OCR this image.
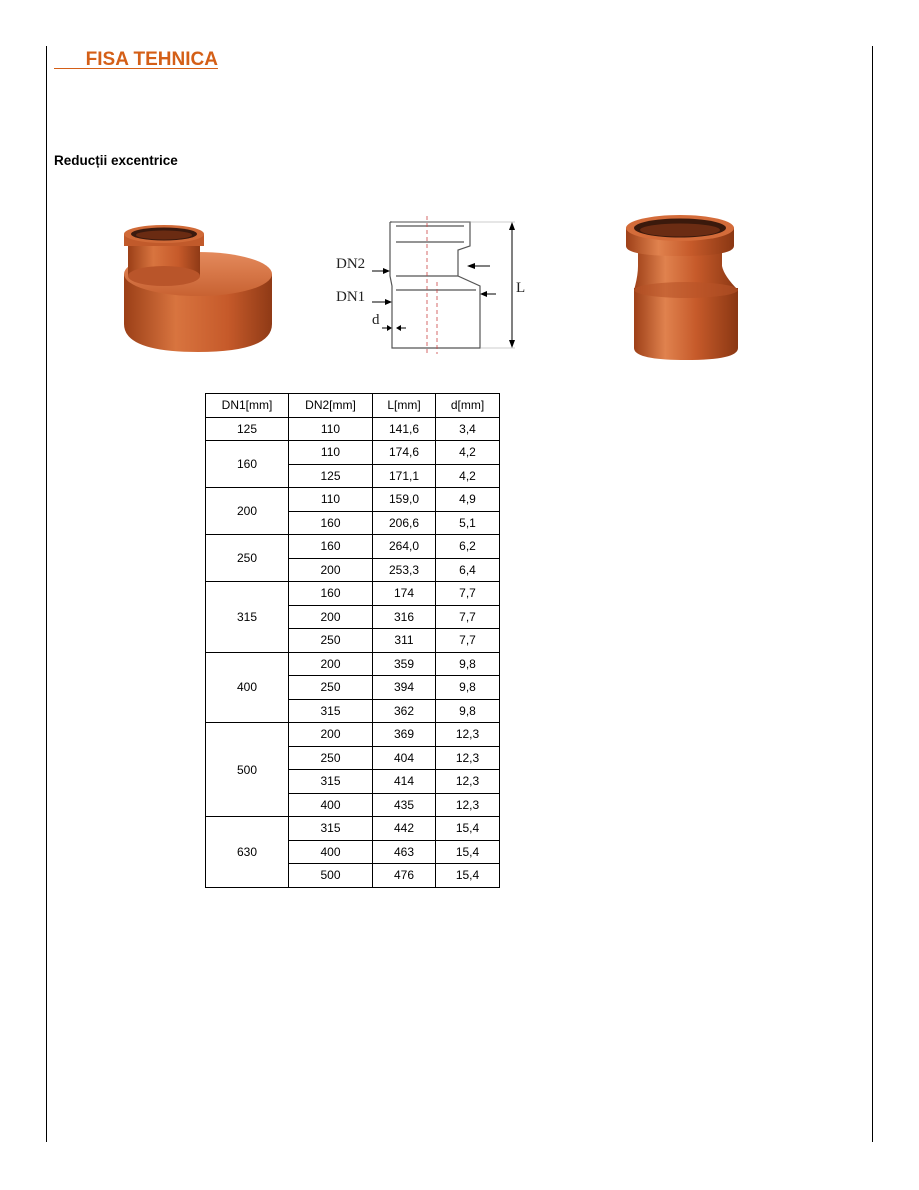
FISA TEHNICA
Reducții excentrice
DN2
DN1
L
d
DN1[mm]	DN2[mm]	L[mm]	d[mm]
125	110	141,6	3,4
160	110	174,6	4,2
	125	171,1	4,2
200	110	159,0	4,9
	160	206,6	5,1
250	160	264,0	6,2
	200	253,3	6,4
315	160	174	7,7
	200	316	7,7
	250	311	7,7
400	200	359	9,8
	250	394	9,8
	315	362	9,8
500	200	369	12,3
	250	404	12,3
	315	414	12,3
	400	435	12,3
630	315	442	15,4
	400	463	15,4
	500	476	15,4
